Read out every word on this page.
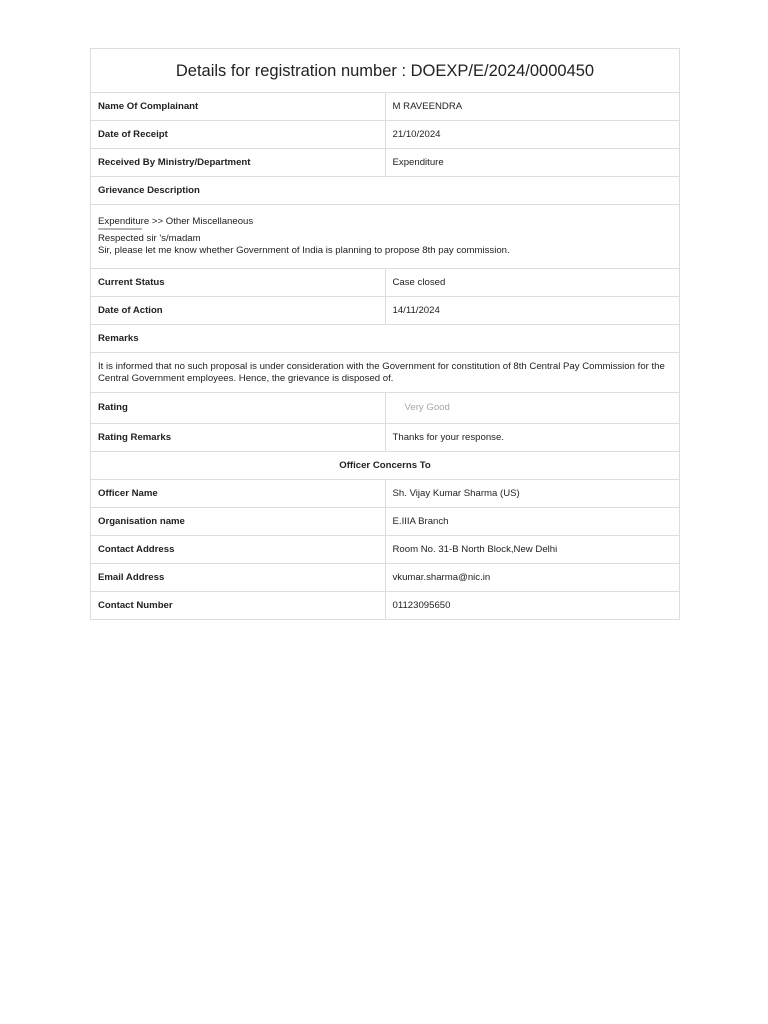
Details for registration number : DOEXP/E/2024/0000450	
Name Of Complainant	M RAVEENDRA
Date of Receipt	21/10/2024
Received By Ministry/Department	Expenditure
Grievance Description	

Expenditure >> Other Miscellaneous
==================
Respected sir 's/madam
Sir, please let me know whether Government of India is planning to propose 8th pay commission.	

Current Status	Case closed
Date of Action	14/11/2024
Remarks	
It is informed that no such proposal is under consideration with the Government for constitution of 8th Central Pay Commission for the Central Government employees. Hence, the grievance is disposed of.	
Rating	Very Good
Rating Remarks	Thanks for your response.
Officer Concerns To	
Officer Name	Sh. Vijay Kumar Sharma (US)
Organisation name	E.IIIA Branch
Contact Address	Room No. 31-B North Block,New Delhi
Email Address	vkumar.sharma@nic.in
Contact Number	01123095650
